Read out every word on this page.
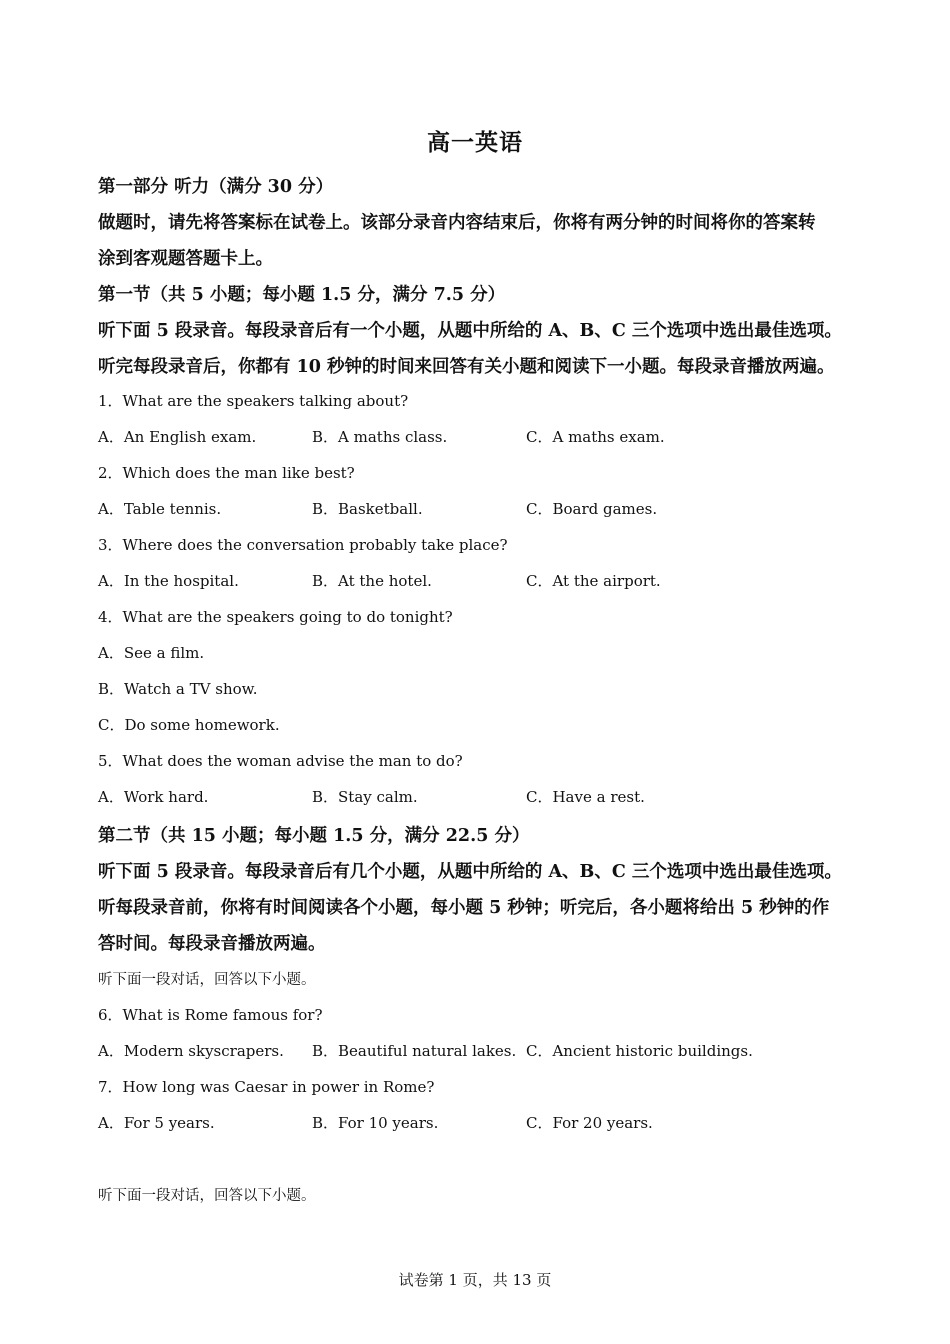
高一英语
第一部分 听力（满分 30 分）
做题时，请先将答案标在试卷上。该部分录音内容结束后，你将有两分钟的时间将你的答案转
涂到客观题答题卡上。
第一节（共 5 小题；每小题 1.5 分，满分 7.5 分）
听下面 5 段录音。每段录音后有一个小题，从题中所给的 A、B、C 三个选项中选出最佳选项。
听完每段录音后，你都有 10 秒钟的时间来回答有关小题和阅读下一小题。每段录音播放两遍。
1．What are the speakers talking about?
A．An English exam.	B．A maths class.	C．A maths exam.
2．Which does the man like best?
A．Table tennis.	B．Basketball.	C．Board games.
3．Where does the conversation probably take place?
A．In the hospital.	B．At the hotel.	C．At the airport.
4．What are the speakers going to do tonight?
A．See a film.
B．Watch a TV show.
C．Do some homework.
5．What does the woman advise the man to do?
A．Work hard.	B．Stay calm.	C．Have a rest.
第二节（共 15 小题；每小题 1.5 分，满分 22.5 分）
听下面 5 段录音。每段录音后有几个小题，从题中所给的 A、B、C 三个选项中选出最佳选项。
听每段录音前，你将有时间阅读各个小题，每小题 5 秒钟；听完后，各小题将给出 5 秒钟的作
答时间。每段录音播放两遍。
听下面一段对话，回答以下小题。
6．What is Rome famous for?
A．Modern skyscrapers. B．Beautiful natural lakes. C．Ancient historic buildings.
7．How long was Caesar in power in Rome?
A．For 5 years.	B．For 10 years.	C．For 20 years.
听下面一段对话，回答以下小题。
试卷第 1 页，共 13 页
